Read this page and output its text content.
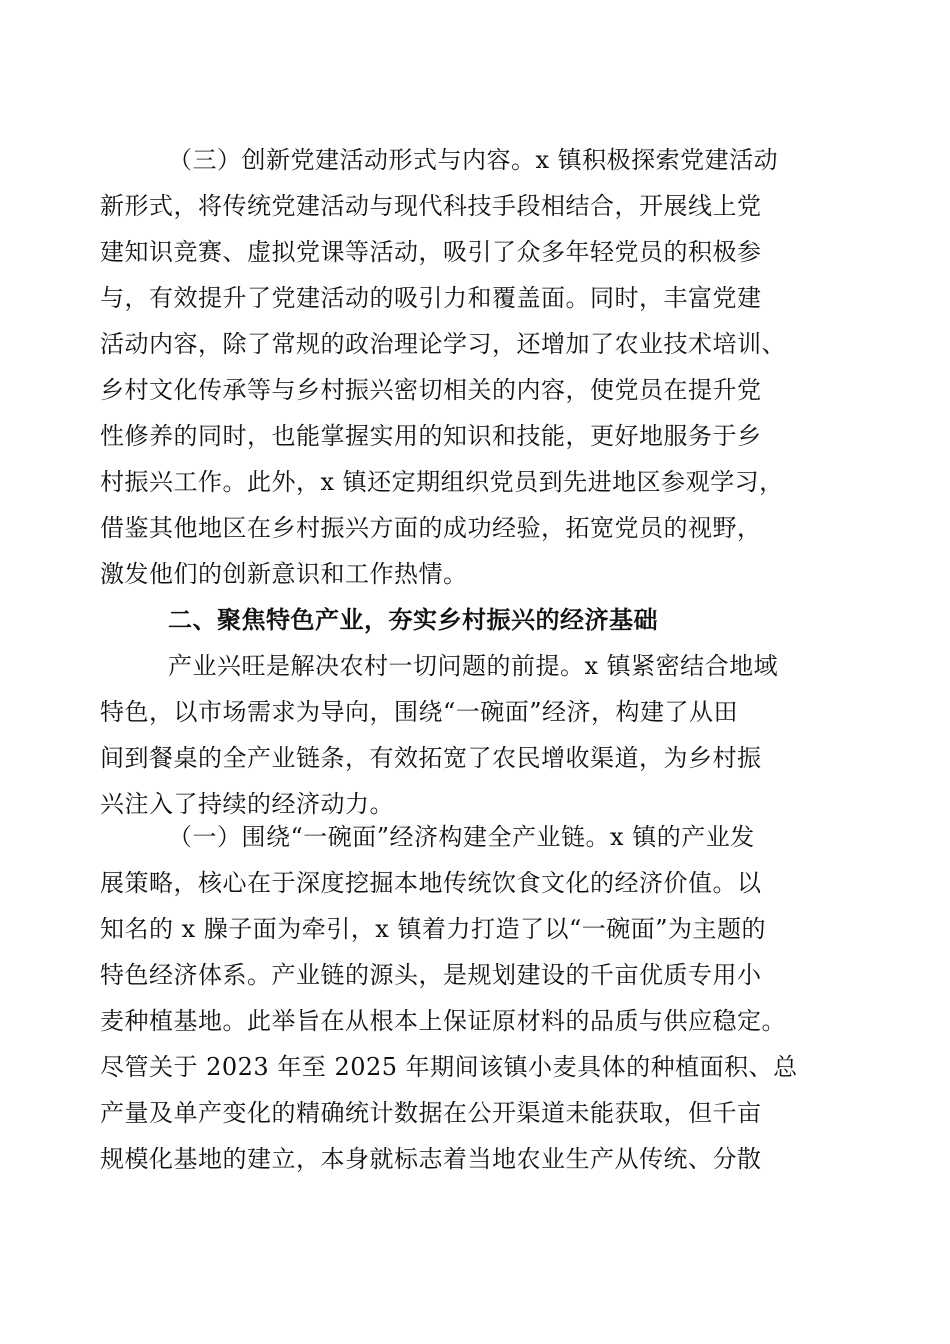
（三）创新党建活动形式与内容。x 镇积极探索党建活动
新形式，将传统党建活动与现代科技手段相结合，开展线上党
建知识竞赛、虚拟党课等活动，吸引了众多年轻党员的积极参
与，有效提升了党建活动的吸引力和覆盖面。同时，丰富党建
活动内容，除了常规的政治理论学习，还增加了农业技术培训、
乡村文化传承等与乡村振兴密切相关的内容，使党员在提升党
性修养的同时，也能掌握实用的知识和技能，更好地服务于乡
村振兴工作。此外，x 镇还定期组织党员到先进地区参观学习，
借鉴其他地区在乡村振兴方面的成功经验，拓宽党员的视野，
激发他们的创新意识和工作热情。
二、聚焦特色产业，夯实乡村振兴的经济基础
产业兴旺是解决农村一切问题的前提。x 镇紧密结合地域
特色，以市场需求为导向，围绕“一碗面”经济，构建了从田
间到餐桌的全产业链条，有效拓宽了农民增收渠道，为乡村振
兴注入了持续的经济动力。
（一）围绕“一碗面”经济构建全产业链。x 镇的产业发
展策略，核心在于深度挖掘本地传统饮食文化的经济价值。以
知名的 x 臊子面为牵引，x 镇着力打造了以“一碗面”为主题的
特色经济体系。产业链的源头，是规划建设的千亩优质专用小
麦种植基地。此举旨在从根本上保证原材料的品质与供应稳定。
尽管关于 2023 年至 2025 年期间该镇小麦具体的种植面积、总
产量及单产变化的精确统计数据在公开渠道未能获取，但千亩
规模化基地的建立，本身就标志着当地农业生产从传统、分散
